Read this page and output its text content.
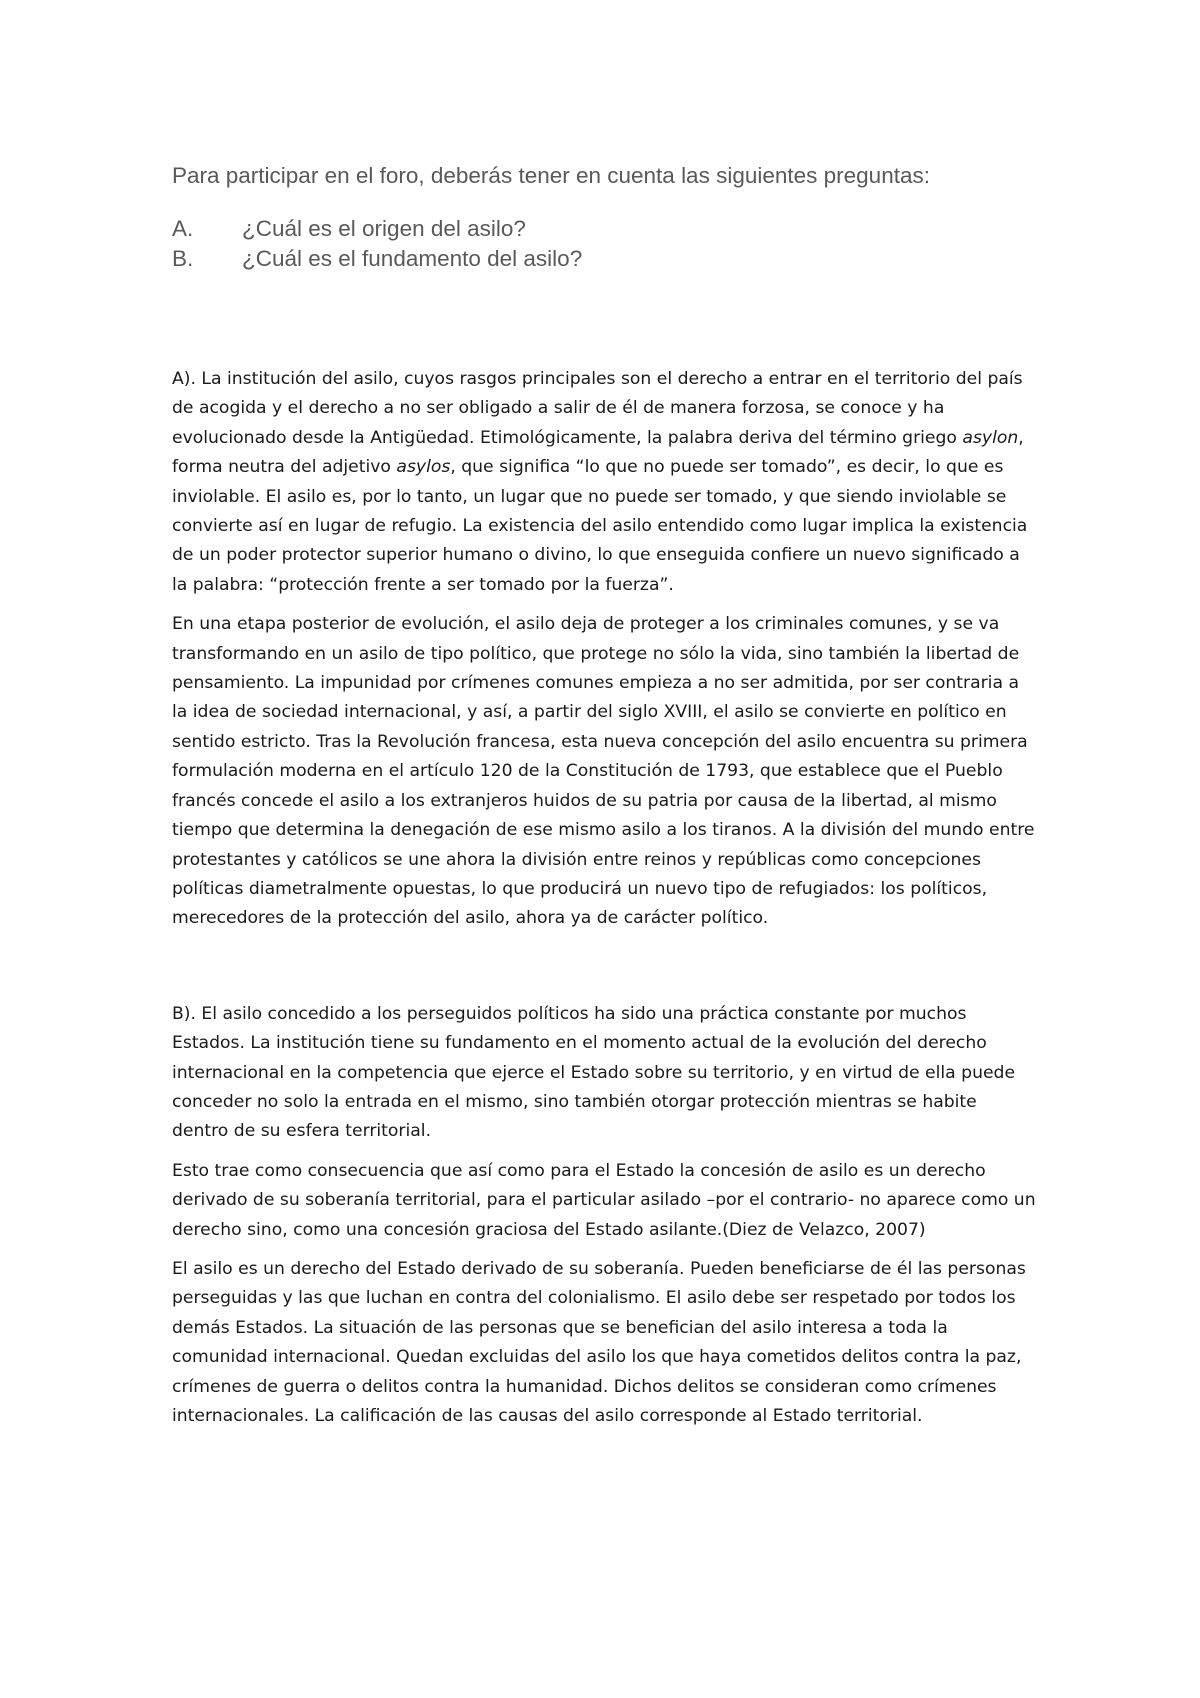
Para participar en el foro, deberás tener en cuenta las siguientes preguntas:

A.	¿Cuál es el origen del asilo?
B.	¿Cuál es el fundamento del asilo?

A). La institución del asilo, cuyos rasgos principales son el derecho a entrar en el territorio del país de acogida y el derecho a no ser obligado a salir de él de manera forzosa, se conoce y ha evolucionado desde la Antigüedad. Etimológicamente, la palabra deriva del término griego asylon, forma neutra del adjetivo asylos, que significa “lo que no puede ser tomado”, es decir, lo que es inviolable. El asilo es, por lo tanto, un lugar que no puede ser tomado, y que siendo inviolable se convierte así en lugar de refugio. La existencia del asilo entendido como lugar implica la existencia de un poder protector superior humano o divino, lo que enseguida confiere un nuevo significado a la palabra: “protección frente a ser tomado por la fuerza”.

En una etapa posterior de evolución, el asilo deja de proteger a los criminales comunes, y se va transformando en un asilo de tipo político, que protege no sólo la vida, sino también la libertad de pensamiento. La impunidad por crímenes comunes empieza a no ser admitida, por ser contraria a la idea de sociedad internacional, y así, a partir del siglo XVIII, el asilo se convierte en político en sentido estricto. Tras la Revolución francesa, esta nueva concepción del asilo encuentra su primera formulación moderna en el artículo 120 de la Constitución de 1793, que establece que el Pueblo francés concede el asilo a los extranjeros huidos de su patria por causa de la libertad, al mismo tiempo que determina la denegación de ese mismo asilo a los tiranos. A la división del mundo entre protestantes y católicos se une ahora la división entre reinos y repúblicas como concepciones políticas diametralmente opuestas, lo que producirá un nuevo tipo de refugiados: los políticos, merecedores de la protección del asilo, ahora ya de carácter político.

B). El asilo concedido a los perseguidos políticos ha sido una práctica constante por muchos Estados. La institución tiene su fundamento en el momento actual de la evolución del derecho internacional en la competencia que ejerce el Estado sobre su territorio, y en virtud de ella puede conceder no solo la entrada en el mismo, sino también otorgar protección mientras se habite dentro de su esfera territorial.

Esto trae como consecuencia que así como para el Estado la concesión de asilo es un derecho derivado de su soberanía territorial, para el particular asilado –por el contrario- no aparece como un derecho sino, como una concesión graciosa del Estado asilante.(Diez de Velazco, 2007)

El asilo es un derecho del Estado derivado de su soberanía. Pueden beneficiarse de él las personas perseguidas y las que luchan en contra del colonialismo. El asilo debe ser respetado por todos los demás Estados. La situación de las personas que se benefician del asilo interesa a toda la comunidad internacional. Quedan excluidas del asilo los que haya cometidos delitos contra la paz, crímenes de guerra o delitos contra la humanidad. Dichos delitos se consideran como crímenes internacionales. La calificación de las causas del asilo corresponde al Estado territorial.
